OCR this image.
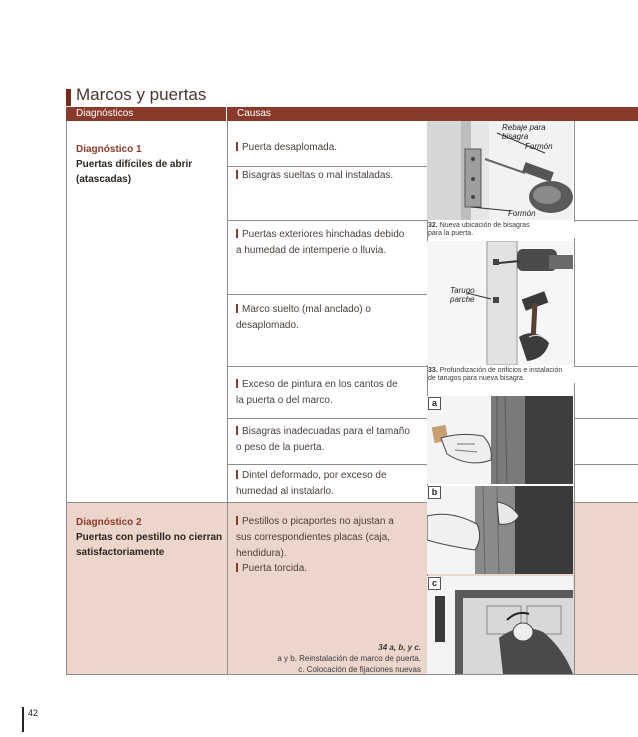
Marcos y puertas
Diagnósticos	Causas
Diagnóstico 1
Puertas difíciles de abrir
(atascadas)
Diagnóstico 2
Puertas con pestillo no cierran
satisfactoriamente
Puerta desaplomada.
Bisagras sueltas o mal instaladas.
Puertas exteriores hinchadas debido
a humedad de intemperie o lluvia.
Marco suelto (mal anclado) o
desaplomado.
Exceso de pintura en los cantos de
la puerta o del marco.
Bisagras inadecuadas para el tamaño
o peso de la puerta.
Dintel deformado, por exceso de
humedad al instalarlo.
Pestillos o picaportes no ajustan a
sus correspondientes placas (caja,
hendidura).
Puerta torcida.
Rebaje para
bisagra
Formón
Formón
32. Nueva ubicación de bisagras
para la puerta.
Tarugo
parche
33. Profundización de orificios e instalación
de tarugos para nueva bisagra.
a
b
c
34 a, b, y c.
a y b. Reinstalación de marco de puerta.
c. Colocación de fijaciones nuevas
42
